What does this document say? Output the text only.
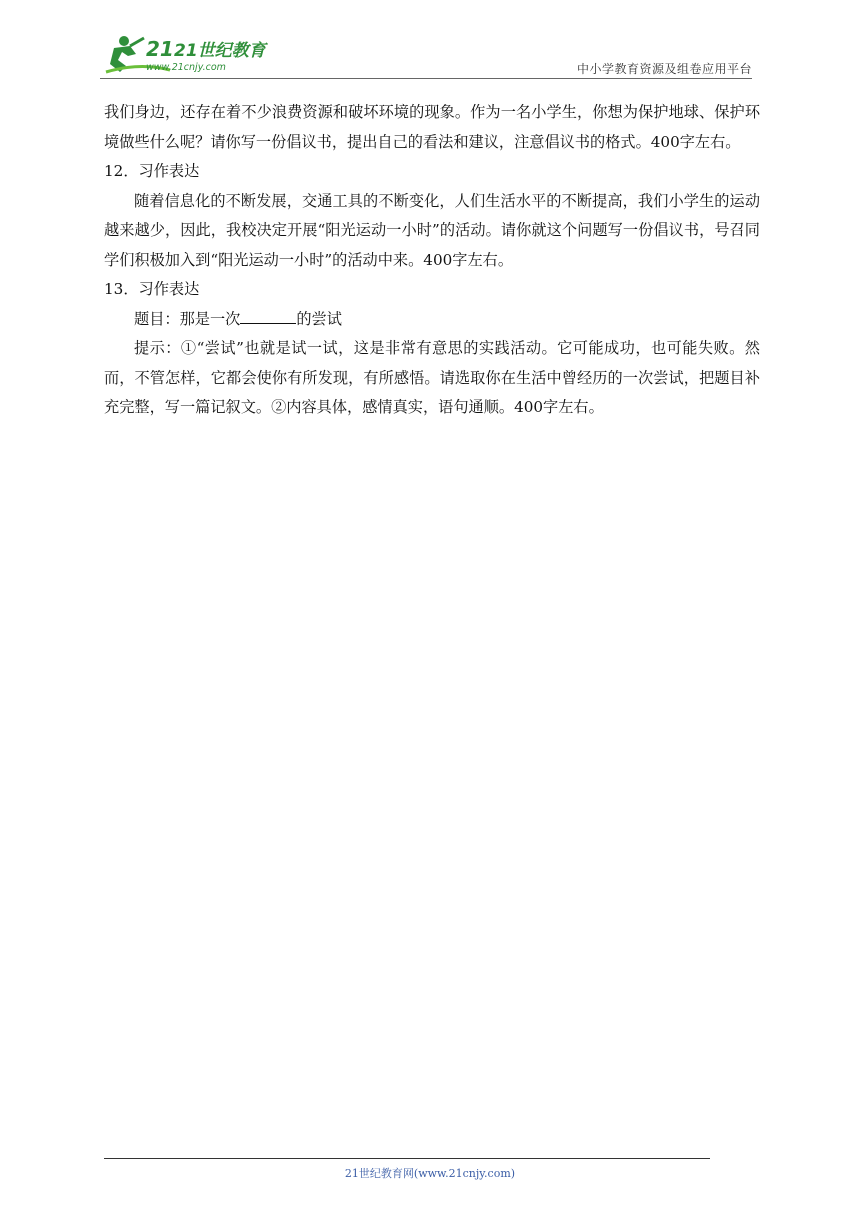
21 21世纪教育
www.21cnjy.com	中小学教育资源及组卷应用平台

我们身边，还存在着不少浪费资源和破坏环境的现象。作为一名小学生，你想为保护地球、保护环境做些什么呢？请你写一份倡议书，提出自己的看法和建议，注意倡议书的格式。400字左右。

12．习作表达

随着信息化的不断发展，交通工具的不断变化，人们生活水平的不断提高，我们小学生的运动越来越少，因此，我校决定开展“阳光运动一小时”的活动。请你就这个问题写一份倡议书，号召同学们积极加入到“阳光运动一小时”的活动中来。400字左右。

13．习作表达

题目：那是一次	的尝试

提示：①“尝试”也就是试一试，这是非常有意思的实践活动。它可能成功，也可能失败。然而，不管怎样，它都会使你有所发现，有所感悟。请选取你在生活中曾经历的一次尝试，把题目补充完整，写一篇记叙文。②内容具体，感情真实，语句通顺。400字左右。

21世纪教育网(www.21cnjy.com)
